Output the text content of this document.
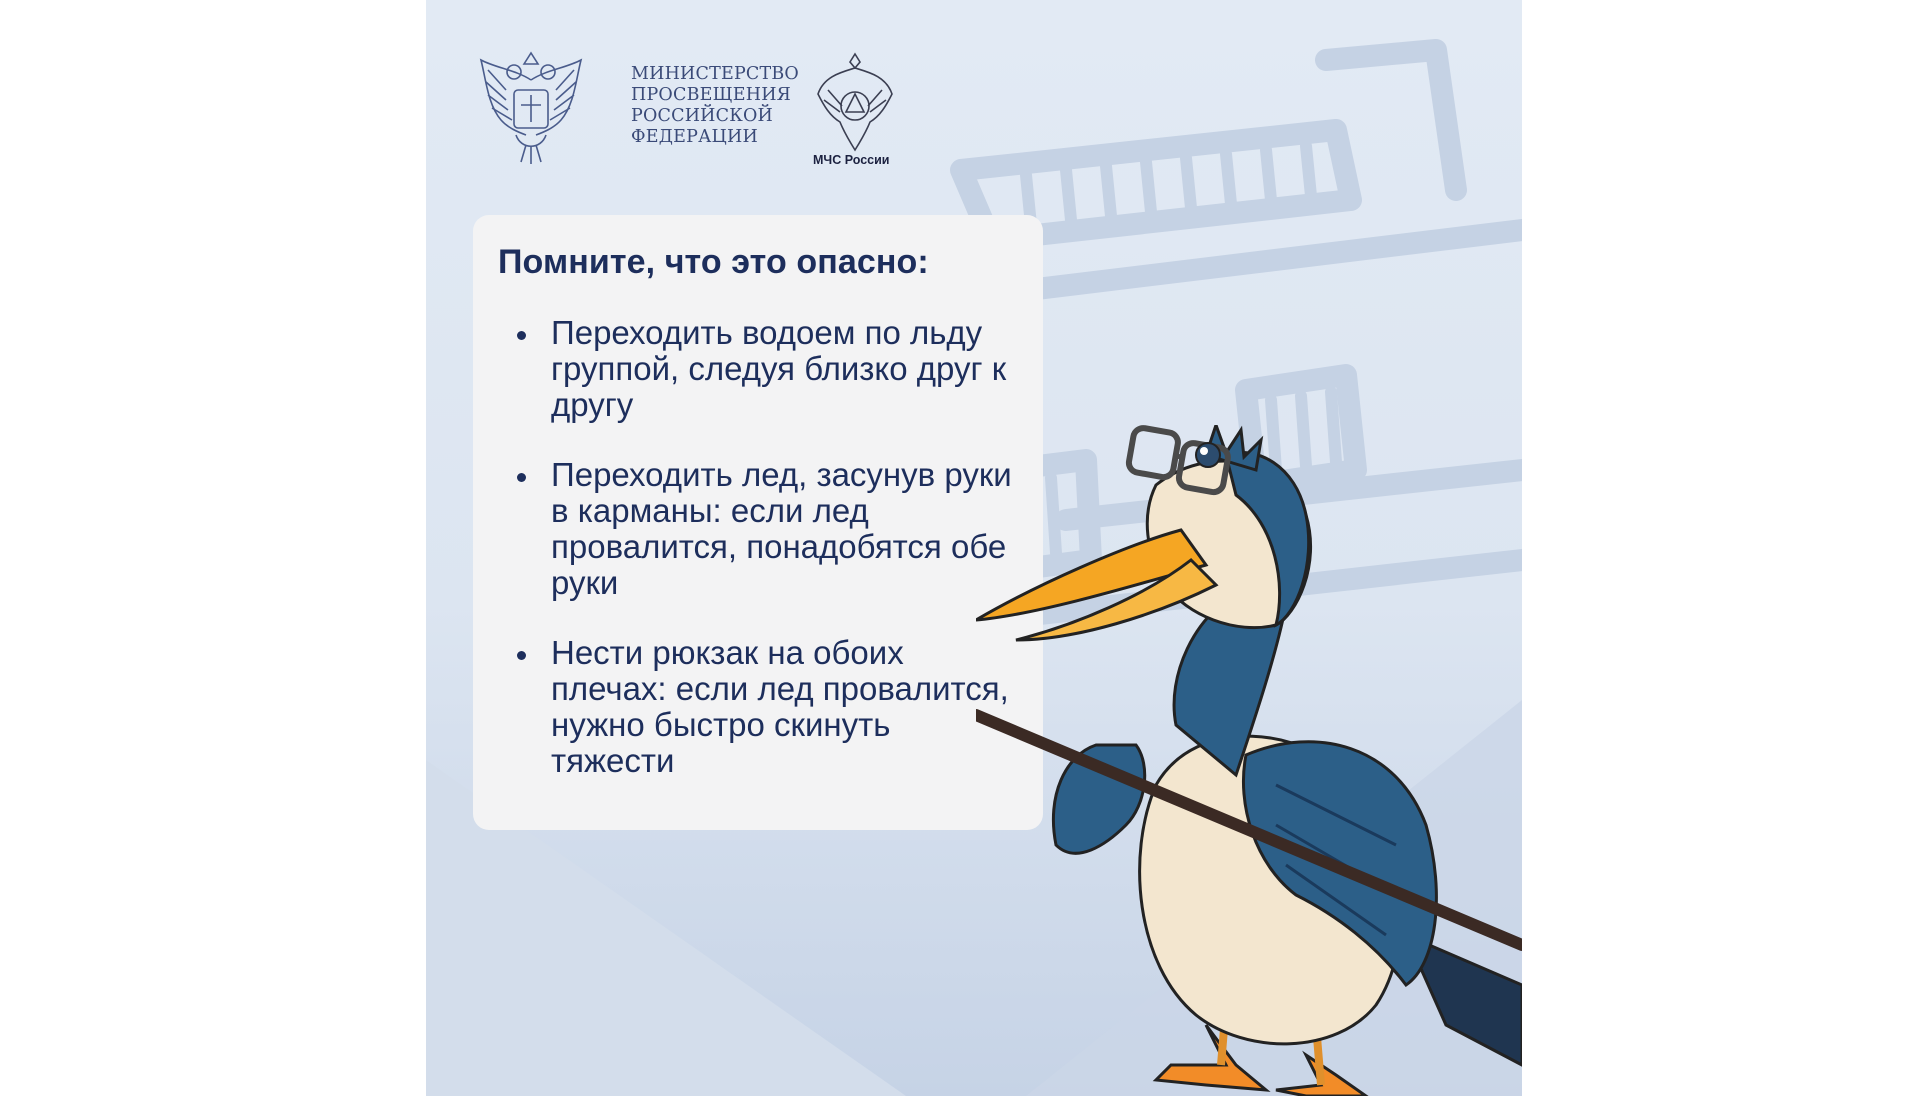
МИНИСТЕРСТВО ПРОСВЕЩЕНИЯ РОССИЙСКОЙ ФЕДЕРАЦИИ
МЧС России
Помните, что это опасно:
Переходить водоем по льду группой, следуя близко друг к другу
Переходить лед, засунув руки в карманы: если лед провалится, понадобятся обе руки
Нести рюкзак на обоих плечах: если лед провалится, нужно быстро скинуть тяжести
